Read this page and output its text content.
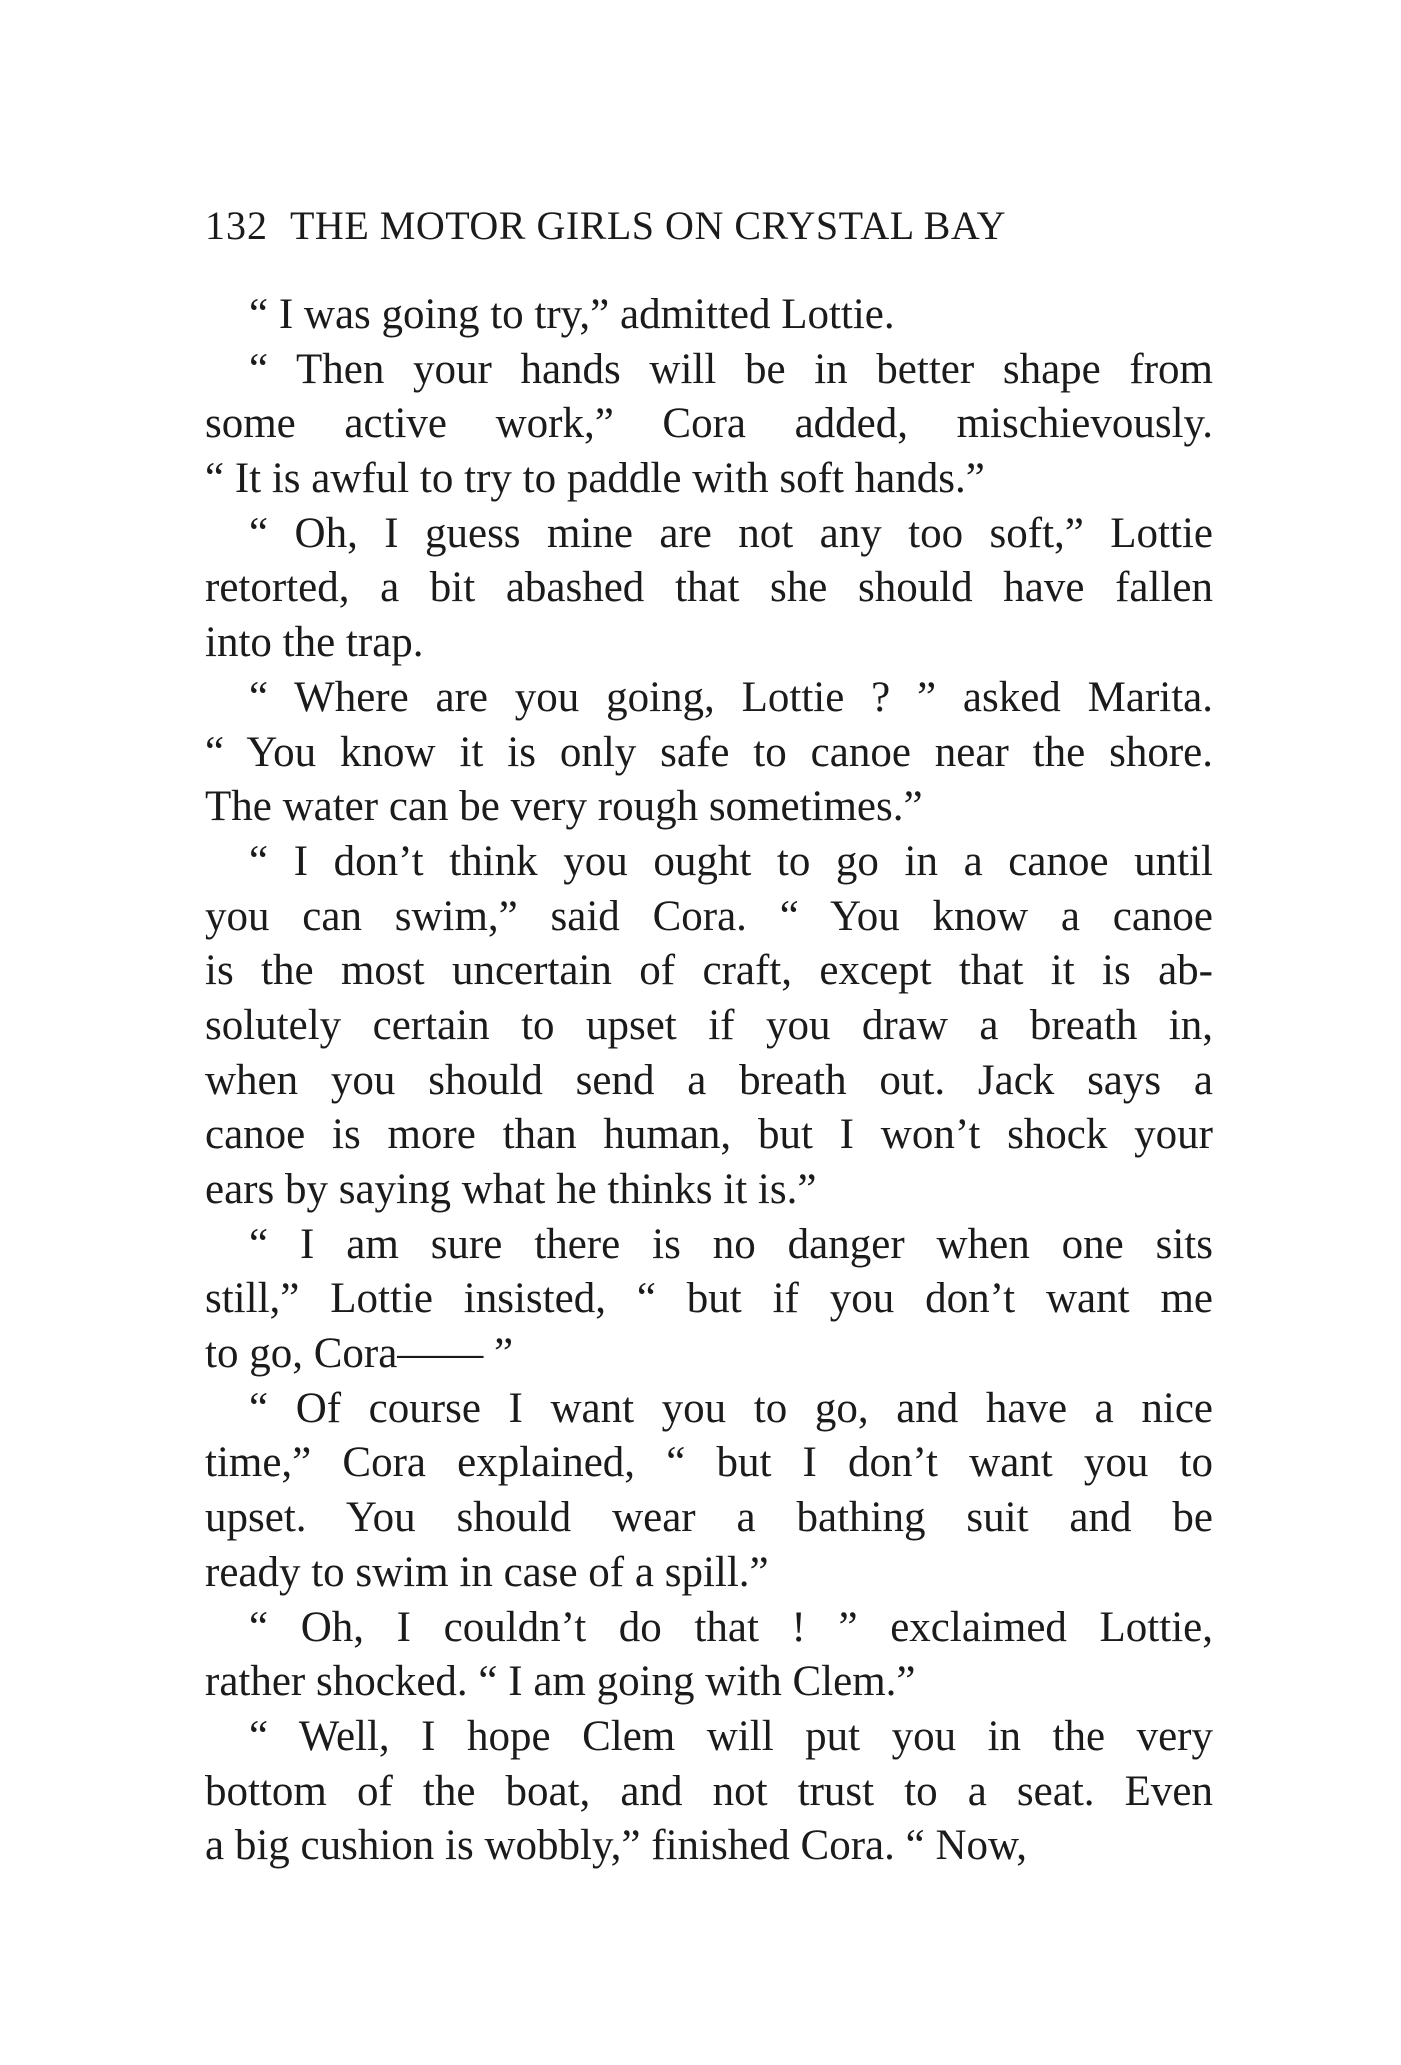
132 THE MOTOR GIRLS ON CRYSTAL BAY

“ I was going to try,” admitted Lottie.

“ Then your hands will be in better shape from
some active work,” Cora added, mischievously.
“ It is awful to try to paddle with soft hands.”

“ Oh, I guess mine are not any too soft,” Lottie
retorted, a bit abashed that she should have fallen
into the trap.

“ Where are you going, Lottie ? ” asked Marita.
“ You know it is only safe to canoe near the shore.
The water can be very rough sometimes.”

“ I don’t think you ought to go in a canoe until
you can swim,” said Cora. “ You know a canoe
is the most uncertain of craft, except that it is ab-
solutely certain to upset if you draw a breath in,
when you should send a breath out. Jack says a
canoe is more than human, but I won’t shock your
ears by saying what he thinks it is.”

“ I am sure there is no danger when one sits
still,” Lottie insisted, “ but if you don’t want me
to go, Cora—— ”

“ Of course I want you to go, and have a nice
time,” Cora explained, “ but I don’t want you to
upset. You should wear a bathing suit and be
ready to swim in case of a spill.”

“ Oh, I couldn’t do that ! ” exclaimed Lottie,
rather shocked. “ I am going with Clem.”

“ Well, I hope Clem will put you in the very
bottom of the boat, and not trust to a seat. Even
a big cushion is wobbly,” finished Cora. “ Now,
